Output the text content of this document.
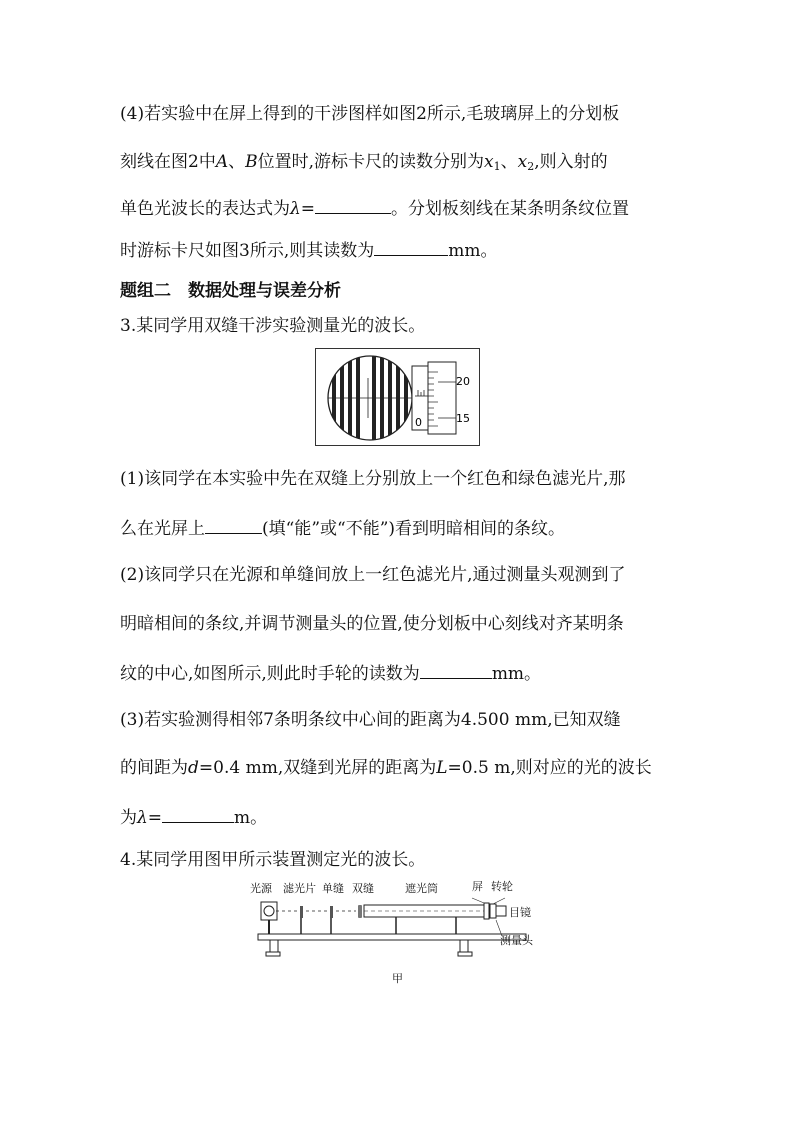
(4)若实验中在屏上得到的干涉图样如图2所示,毛玻璃屏上的分划板
刻线在图2中A、B位置时,游标卡尺的读数分别为$x_1$、$x_2$,则入射的
单色光波长的表达式为λ=	。分划板刻线在某条明条纹位置
时游标卡尺如图3所示,则其读数为	mm。
题组二　数据处理与误差分析
3.某同学用双缝干涉实验测量光的波长。
20
15
0
(1)该同学在本实验中先在双缝上分别放上一个红色和绿色滤光片,那
么在光屏上	(填“能”或“不能”)看到明暗相间的条纹。
(2)该同学只在光源和单缝间放上一红色滤光片,通过测量头观测到了
明暗相间的条纹,并调节测量头的位置,使分划板中心刻线对齐某明条
纹的中心,如图所示,则此时手轮的读数为	mm。
(3)若实验测得相邻7条明条纹中心间的距离为4.500 mm,已知双缝
的间距为d=0.4 mm,双缝到光屏的距离为L=0.5 m,则对应的光的波长
为λ=	m。
4.某同学用图甲所示装置测定光的波长。
光源 滤光片 单缝 双缝	遮光筒	屏 转轮
目镜
测量头
甲
